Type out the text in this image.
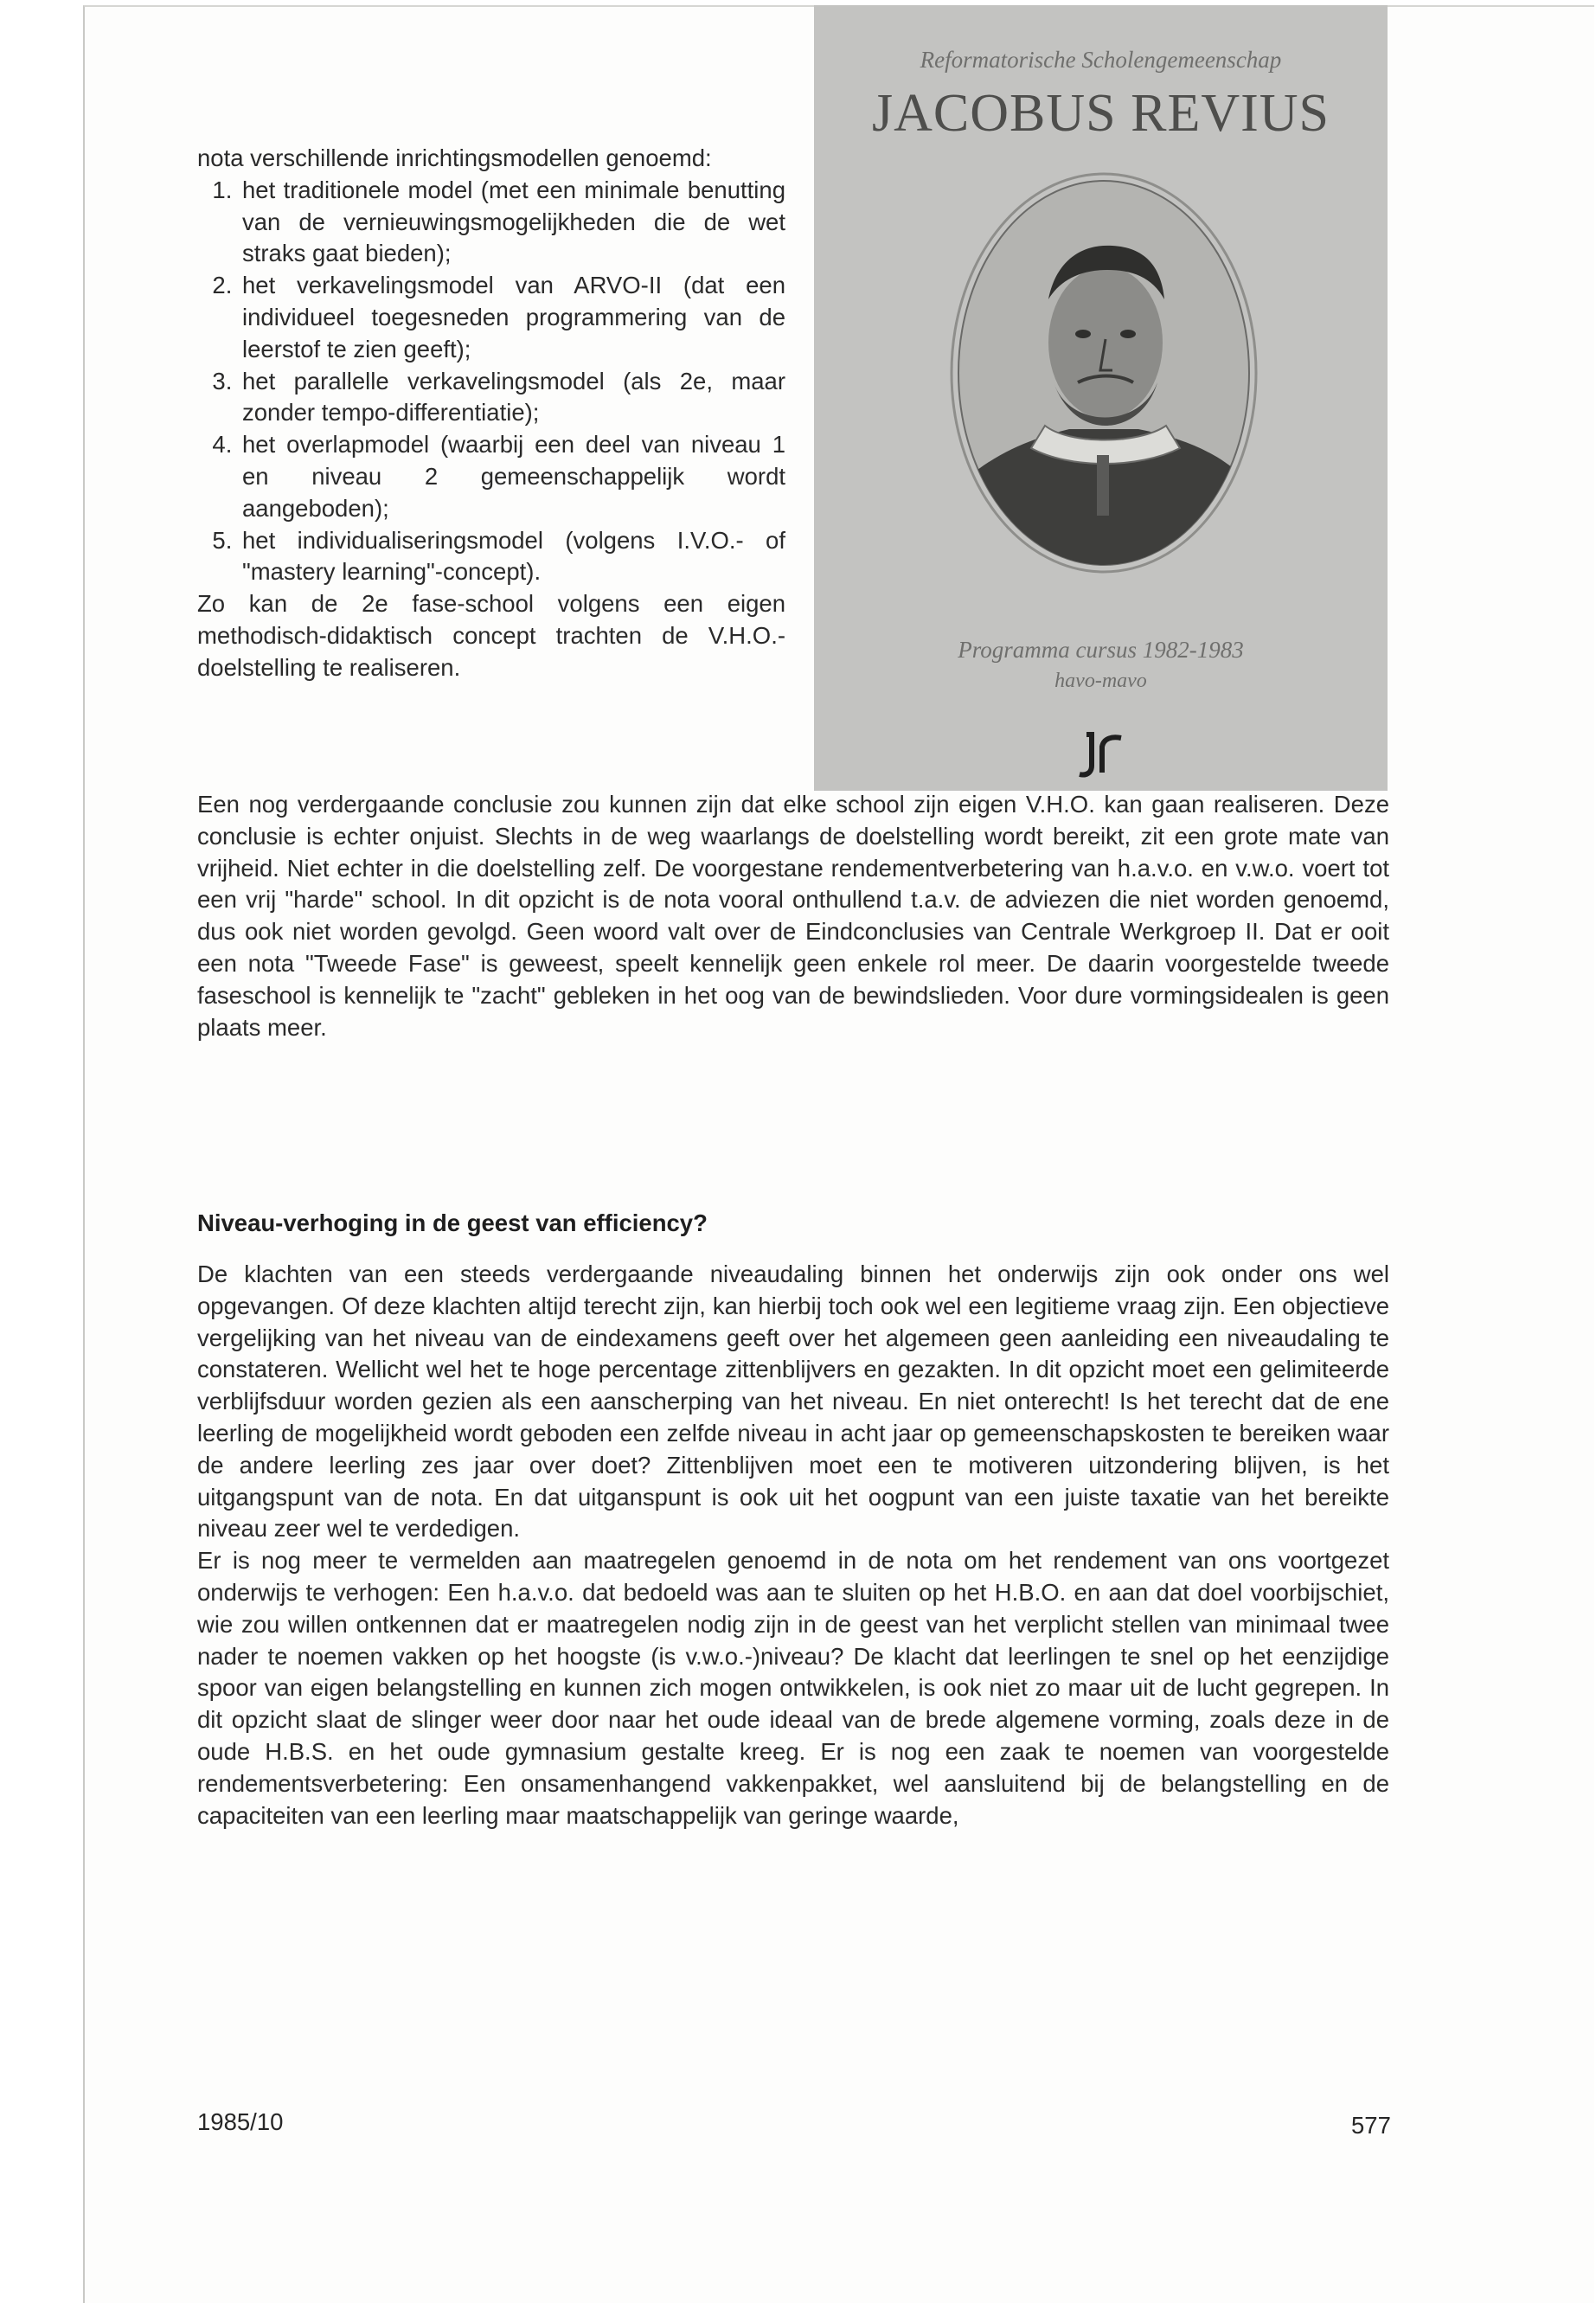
Reformatorische Scholengemeenschap
JACOBUS REVIUS
Programma cursus 1982-1983
havo-mavo

nota verschillende inrichtingsmodellen genoemd:

1. het traditionele model (met een minimale benutting van de vernieuwingsmogelijkheden die de wet straks gaat bieden);
2. het verkavelingsmodel van ARVO-II (dat een individueel toegesneden programmering van de leerstof te zien geeft);
3. het parallelle verkavelingsmodel (als 2e, maar zonder tempo-differentiatie);
4. het overlapmodel (waarbij een deel van niveau 1 en niveau 2 gemeenschappelijk wordt aangeboden);
5. het individualiseringsmodel (volgens I.V.O.- of "mastery learning"-concept).

Zo kan de 2e fase-school volgens een eigen methodisch-didaktisch concept trachten de V.H.O.-doelstelling te realiseren.

Een nog verdergaande conclusie zou kunnen zijn dat elke school zijn eigen V.H.O. kan gaan realiseren. Deze conclusie is echter onjuist. Slechts in de weg waarlangs de doelstelling wordt bereikt, zit een grote mate van vrijheid. Niet echter in die doelstelling zelf. De voorgestane rendementverbetering van h.a.v.o. en v.w.o. voert tot een vrij "harde" school. In dit opzicht is de nota vooral onthullend t.a.v. de adviezen die niet worden genoemd, dus ook niet worden gevolgd. Geen woord valt over de Eindconclusies van Centrale Werkgroep II. Dat er ooit een nota "Tweede Fase" is geweest, speelt kennelijk geen enkele rol meer. De daarin voorgestelde tweede faseschool is kennelijk te "zacht" gebleken in het oog van de bewindslieden. Voor dure vormingsidealen is geen plaats meer.

Niveau-verhoging in de geest van efficiency?

De klachten van een steeds verdergaande niveaudaling binnen het onderwijs zijn ook onder ons wel opgevangen. Of deze klachten altijd terecht zijn, kan hierbij toch ook wel een legitieme vraag zijn. Een objectieve vergelijking van het niveau van de eindexamens geeft over het algemeen geen aanleiding een niveaudaling te constateren. Wellicht wel het te hoge percentage zittenblijvers en gezakten. In dit opzicht moet een gelimiteerde verblijfsduur worden gezien als een aanscherping van het niveau. En niet onterecht! Is het terecht dat de ene leerling de mogelijkheid wordt geboden een zelfde niveau in acht jaar op gemeenschapskosten te bereiken waar de andere leerling zes jaar over doet? Zittenblijven moet een te motiveren uitzondering blijven, is het uitgangspunt van de nota. En dat uitganspunt is ook uit het oogpunt van een juiste taxatie van het bereikte niveau zeer wel te verdedigen.

Er is nog meer te vermelden aan maatregelen genoemd in de nota om het rendement van ons voortgezet onderwijs te verhogen: Een h.a.v.o. dat bedoeld was aan te sluiten op het H.B.O. en aan dat doel voorbijschiet, wie zou willen ontkennen dat er maatregelen nodig zijn in de geest van het verplicht stellen van minimaal twee nader te noemen vakken op het hoogste (is v.w.o.-)niveau? De klacht dat leerlingen te snel op het eenzijdige spoor van eigen belangstelling en kunnen zich mogen ontwikkelen, is ook niet zo maar uit de lucht gegrepen. In dit opzicht slaat de slinger weer door naar het oude ideaal van de brede algemene vorming, zoals deze in de oude H.B.S. en het oude gymnasium gestalte kreeg. Er is nog een zaak te noemen van voorgestelde rendementsverbetering: Een onsamenhangend vakkenpakket, wel aansluitend bij de belangstelling en de capaciteiten van een leerling maar maatschappelijk van geringe waarde,

1985/10	577
